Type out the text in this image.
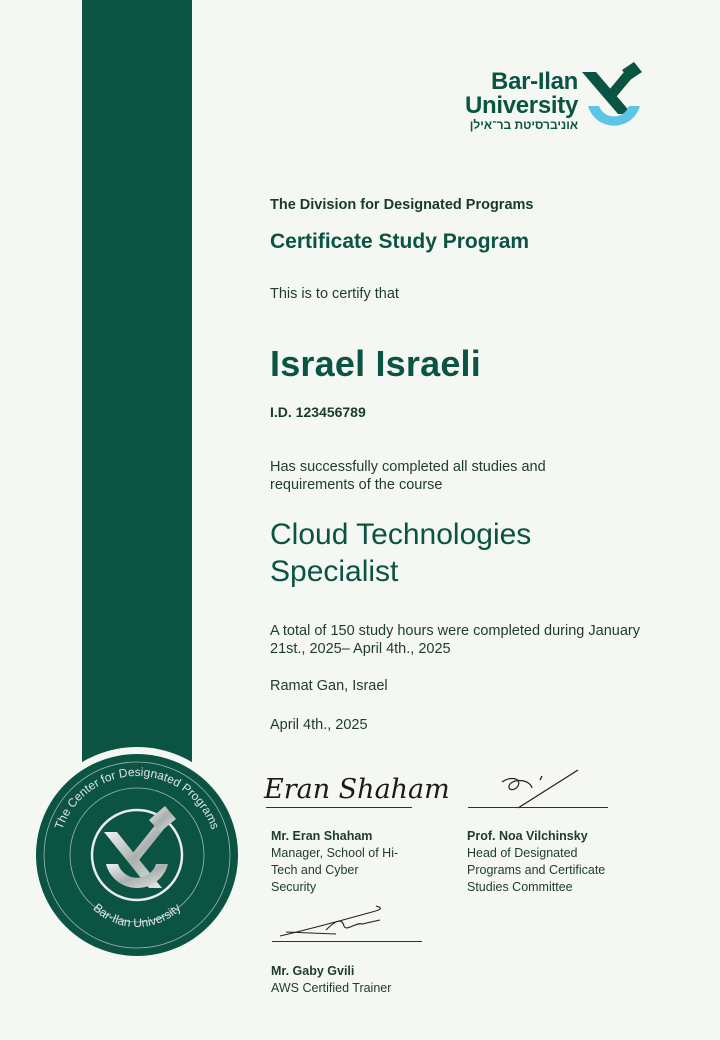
The Center for Designated Programs
Bar-Ilan University
Bar-Ilan
University
אוניברסיטת בר־אילן
The Division for Designated Programs
Certificate Study Program
This is to certify that
Israel Israeli
I.D. 123456789
Has successfully completed all studies and requirements of the course
Cloud Technologies Specialist
A total of 150 study hours were completed during January 21st., 2025– April 4th., 2025
Ramat Gan, Israel
April 4th., 2025
Eran Shaham
Mr. Eran Shaham
Manager, School of Hi-Tech and Cyber Security
Prof. Noa Vilchinsky
Head of Designated Programs and Certificate Studies Committee
Mr. Gaby Gvili
AWS Certified Trainer
